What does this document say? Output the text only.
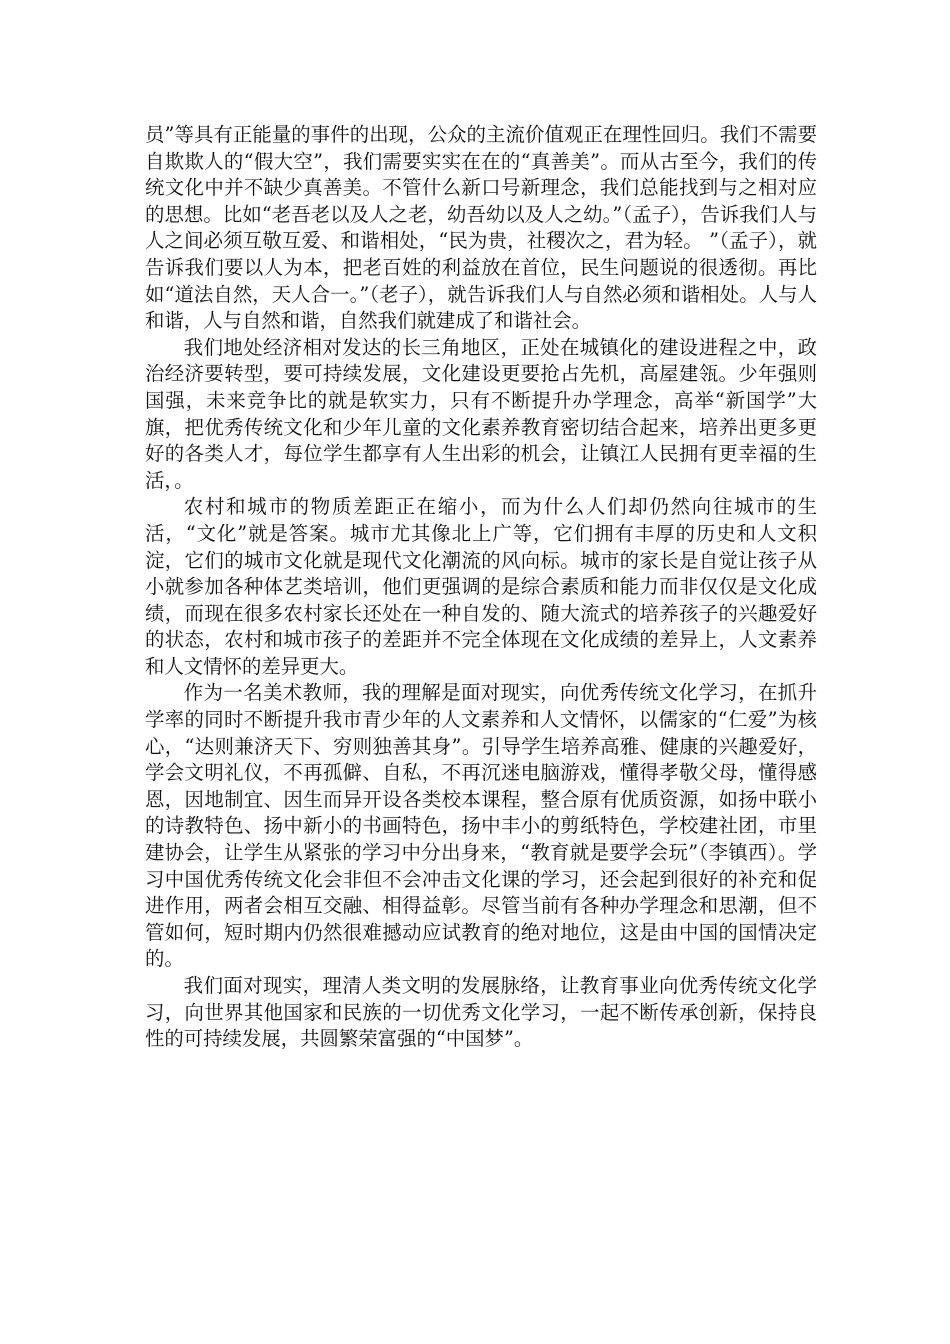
员”等具有正能量的事件的出现，公众的主流价值观正在理性回归。我们不需要自欺欺人的“假大空”，我们需要实实在在的“真善美”。而从古至今，我们的传统文化中并不缺少真善美。不管什么新口号新理念，我们总能找到与之相对应的思想。比如“老吾老以及人之老，幼吾幼以及人之幼。”（孟子），告诉我们人与人之间必须互敬互爱、和谐相处，“民为贵，社稷次之，君为轻。 ”（孟子），就告诉我们要以人为本，把老百姓的利益放在首位，民生问题说的很透彻。再比如“道法自然，天人合一。”（老子），就告诉我们人与自然必须和谐相处。人与人和谐，人与自然和谐，自然我们就建成了和谐社会。

我们地处经济相对发达的长三角地区，正处在城镇化的建设进程之中，政治经济要转型，要可持续发展，文化建设更要抢占先机，高屋建瓴。少年强则国强，未来竞争比的就是软实力，只有不断提升办学理念，高举“新国学”大旗，把优秀传统文化和少年儿童的文化素养教育密切结合起来，培养出更多更好的各类人才，每位学生都享有人生出彩的机会，让镇江人民拥有更幸福的生活，。

农村和城市的物质差距正在缩小，而为什么人们却仍然向往城市的生活，“文化”就是答案。城市尤其像北上广等，它们拥有丰厚的历史和人文积淀，它们的城市文化就是现代文化潮流的风向标。城市的家长是自觉让孩子从小就参加各种体艺类培训，他们更强调的是综合素质和能力而非仅仅是文化成绩，而现在很多农村家长还处在一种自发的、随大流式的培养孩子的兴趣爱好的状态，农村和城市孩子的差距并不完全体现在文化成绩的差异上，人文素养和人文情怀的差异更大。

作为一名美术教师，我的理解是面对现实，向优秀传统文化学习，在抓升学率的同时不断提升我市青少年的人文素养和人文情怀，以儒家的“仁爱”为核心，“达则兼济天下、穷则独善其身”。引导学生培养高雅、健康的兴趣爱好，学会文明礼仪，不再孤僻、自私，不再沉迷电脑游戏，懂得孝敬父母，懂得感恩，因地制宜、因生而异开设各类校本课程，整合原有优质资源，如扬中联小的诗教特色、扬中新小的书画特色，扬中丰小的剪纸特色，学校建社团，市里建协会，让学生从紧张的学习中分出身来，“教育就是要学会玩”（李镇西）。学习中国优秀传统文化会非但不会冲击文化课的学习，还会起到很好的补充和促进作用，两者会相互交融、相得益彰。尽管当前有各种办学理念和思潮，但不管如何，短时期内仍然很难撼动应试教育的绝对地位，这是由中国的国情决定的。

我们面对现实，理清人类文明的发展脉络，让教育事业向优秀传统文化学习，向世界其他国家和民族的一切优秀文化学习，一起不断传承创新，保持良性的可持续发展，共圆繁荣富强的“中国梦”。
